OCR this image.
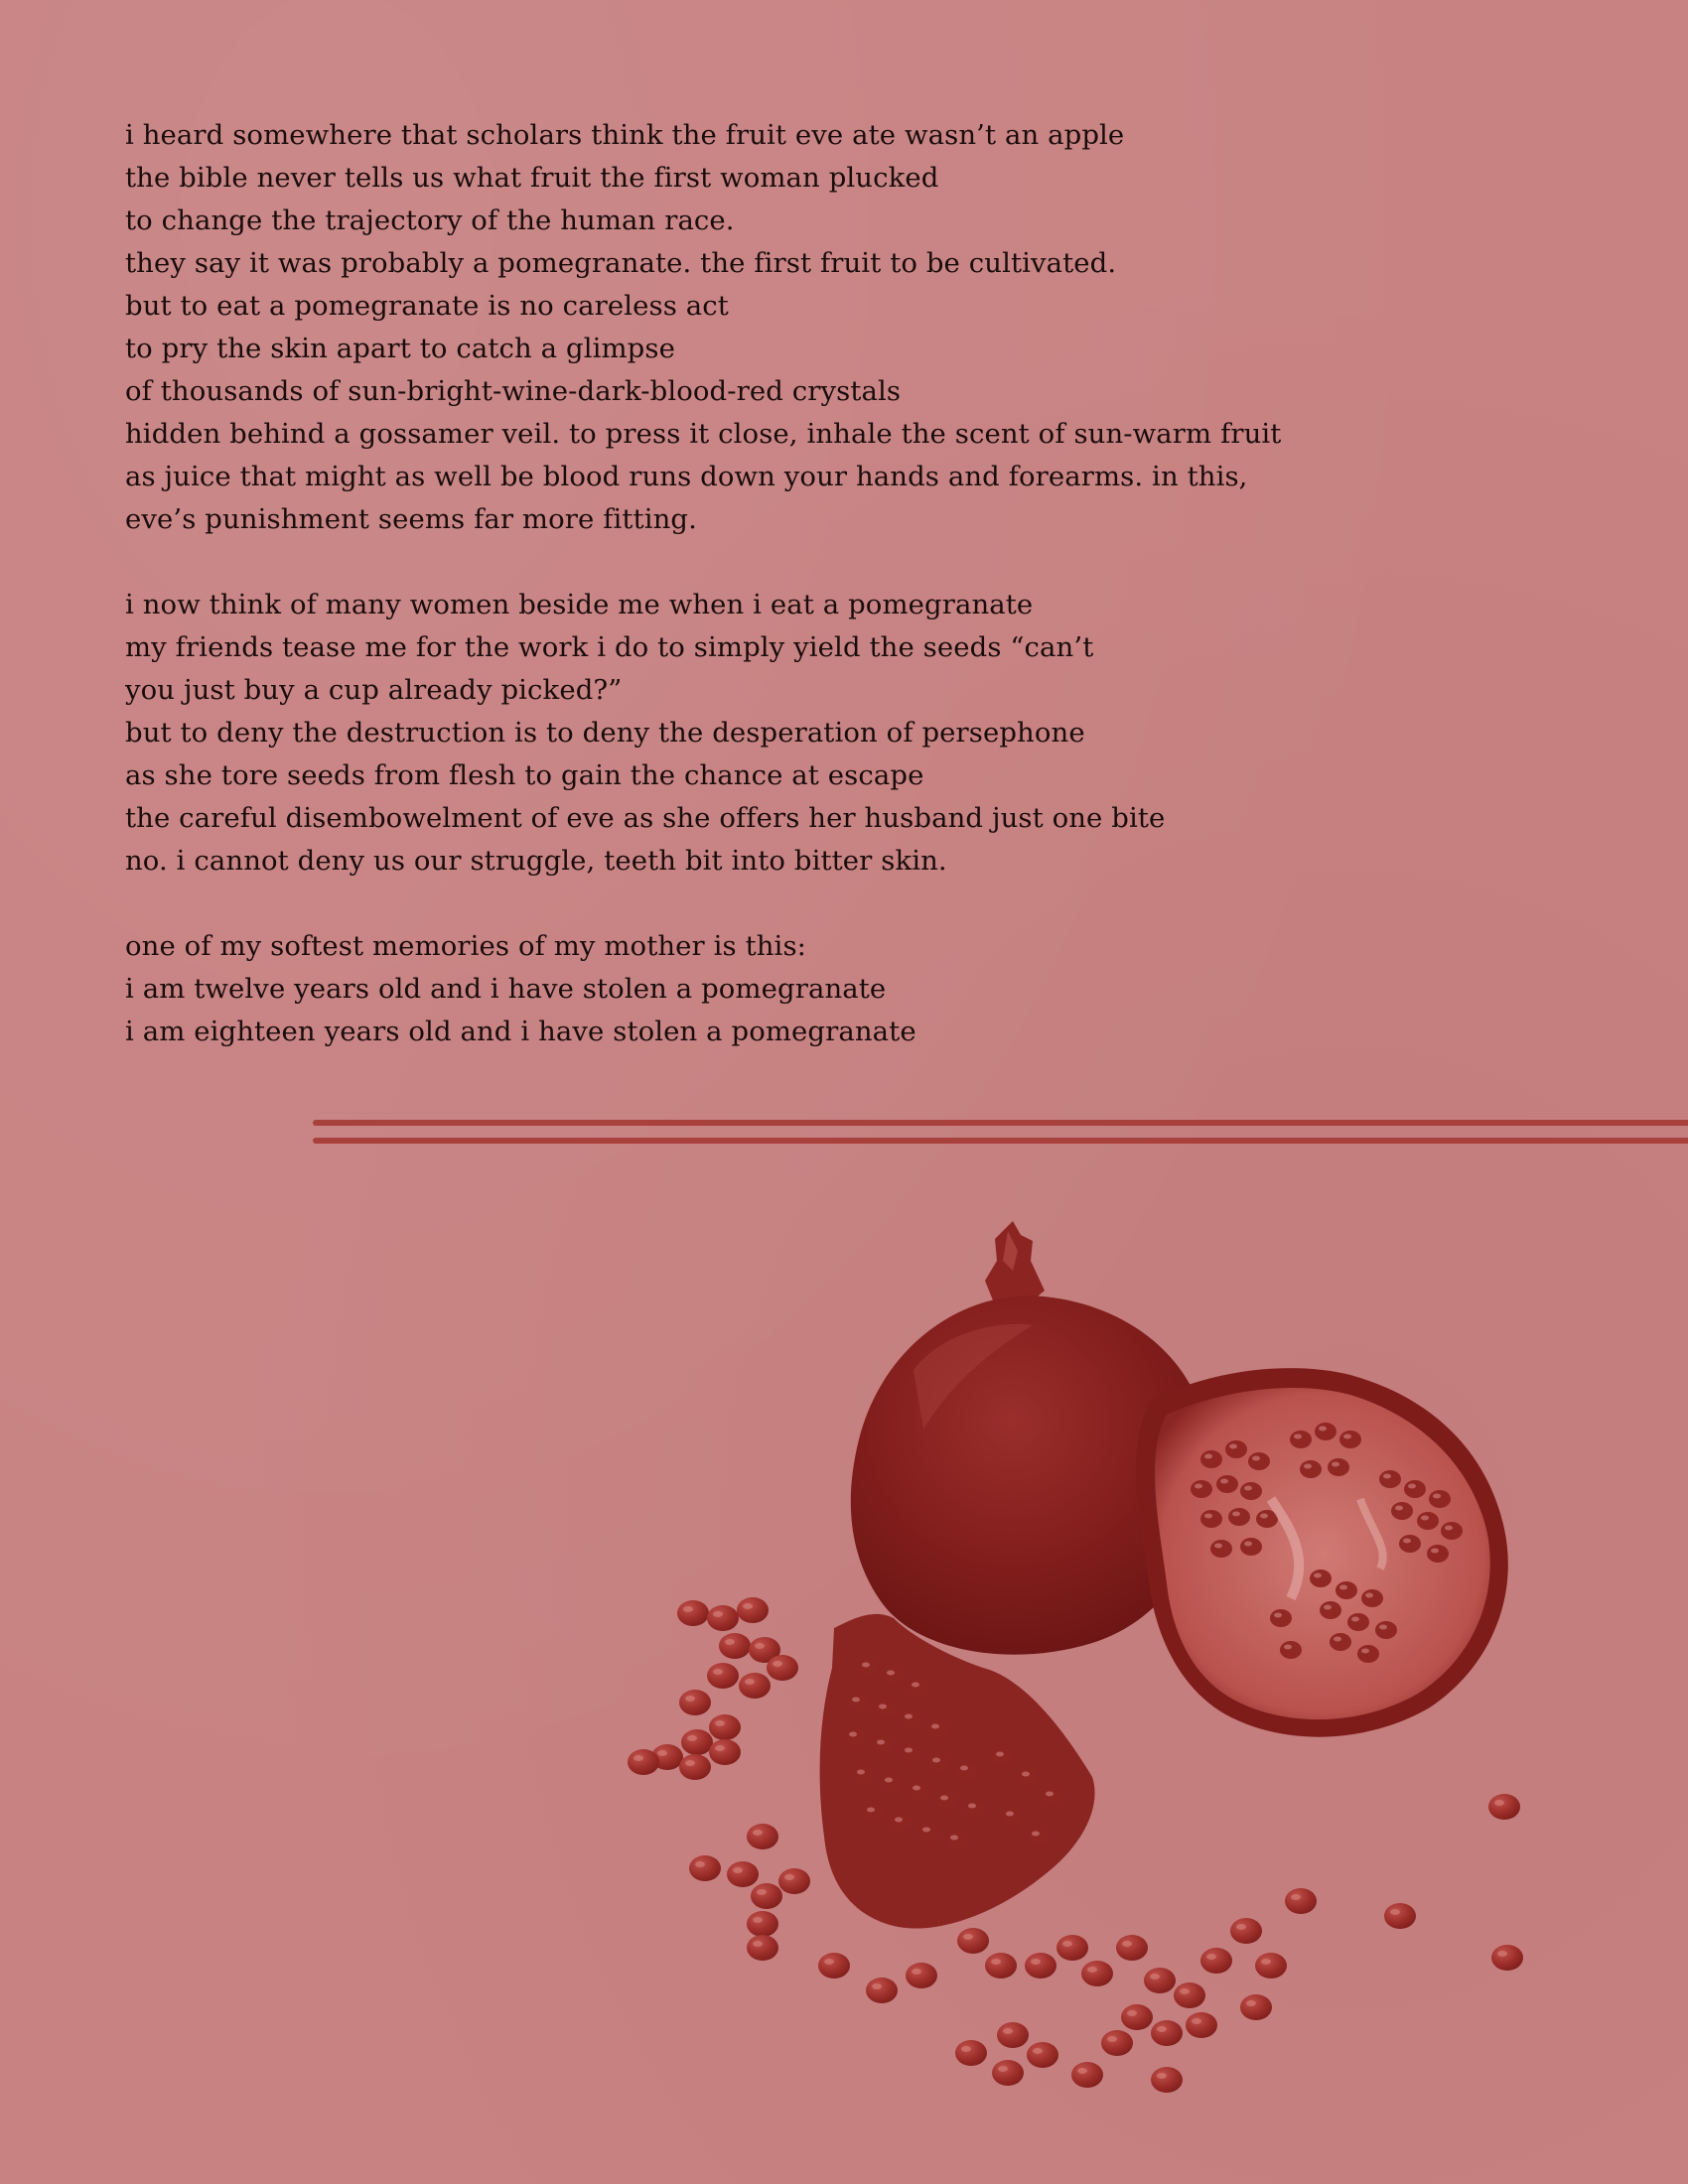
i heard somewhere that scholars think the fruit eve ate wasn’t an apple
the bible never tells us what fruit the first woman plucked
to change the trajectory of the human race.
they say it was probably a pomegranate. the first fruit to be cultivated.
but to eat a pomegranate is no careless act
to pry the skin apart to catch a glimpse
of thousands of sun-bright-wine-dark-blood-red crystals
hidden behind a gossamer veil. to press it close, inhale the scent of sun-warm fruit
as juice that might as well be blood runs down your hands and forearms. in this,
eve’s punishment seems far more fitting.
i now think of many women beside me when i eat a pomegranate
my friends tease me for the work i do to simply yield the seeds “can’t
you just buy a cup already picked?”
but to deny the destruction is to deny the desperation of persephone
as she tore seeds from flesh to gain the chance at escape
the careful disembowelment of eve as she offers her husband just one bite
no. i cannot deny us our struggle, teeth bit into bitter skin.
one of my softest memories of my mother is this:
i am twelve years old and i have stolen a pomegranate
i am eighteen years old and i have stolen a pomegranate
